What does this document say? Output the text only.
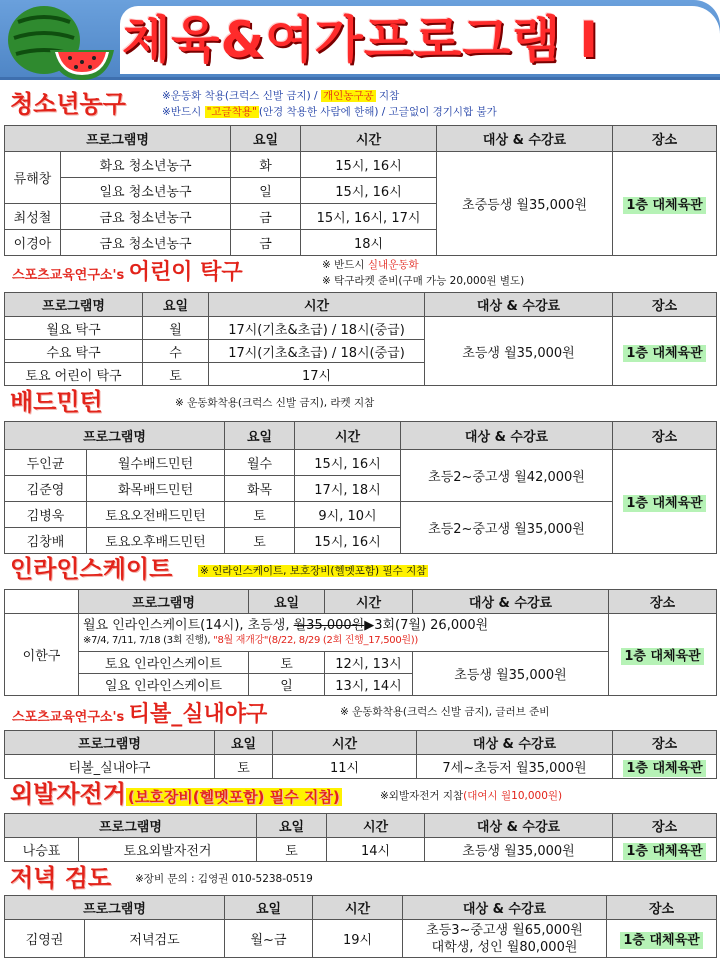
체육&여가프로그램 I
청소년농구	※운동화 착용(크럭스 신발 금지) / 개인농구공 지참
※반드시 "고글착용" (안경 착용한 사람에 한해) / 고글없이 경기시합 불가
프로그램명		요일	시간	대상 & 수강료	장소
류해창	화요 청소년농구	화	15시, 16시	초중등생 월35,000원	1층 대체육관
	일요 청소년농구	일	15시, 16시		
최성철	금요 청소년농구	금	15시, 16시, 17시		
이경아	금요 청소년농구	금	18시		
스포츠교육연구소's 어린이 탁구	※ 반드시 실내운동화
※ 탁구라켓 준비(구매 가능 20,000원 별도)
프로그램명	요일	시간	대상 & 수강료	장소
월요 탁구	월	17시(기초&초급) / 18시(중급)	초등생 월35,000원	1층 대체육관
수요 탁구	수	17시(기초&초급) / 18시(중급)		
토요 어린이 탁구	토	17시		
배드민턴	※ 운동화착용(크럭스 신발 금지), 라켓 지참
프로그램명		요일	시간	대상 & 수강료	장소
두인균	월수배드민턴	월수	15시, 16시	초등2~중고생 월42,000원	1층 대체육관
김준영	화목배드민턴	화목	17시, 18시		
김병욱	토요오전배드민턴	토	9시, 10시	초등2~중고생 월35,000원	
김창배	토요오후배드민턴	토	15시, 16시		
인라인스케이트	※ 인라인스케이트, 보호장비(헬멧포함) 필수 지참
	프로그램명	요일	시간	대상 & 수강료	장소
이한구	월요 인라인스케이트(14시), 초등생, 월35,000원▶3회(7월) 26,000원
※7/4, 7/11, 7/18 (3회 진행), "8월 재개강"(8/22, 8/29 (2회 진행_17,500원))				1층 대체육관
	토요 인라인스케이트	토	12시, 13시	초등생 월35,000원	
	일요 인라인스케이트	일	13시, 14시		
스포츠교육연구소's 티볼_실내야구	※ 운동화착용(크럭스 신발 금지), 글러브 준비
프로그램명	요일	시간	대상 & 수강료	장소
티볼_실내야구	토	11시	7세~초등저 월35,000원	1층 대체육관
외발자전거 (보호장비(헬멧포함) 필수 지참)	※외발자전거 지참(대여시 월10,000원)
프로그램명		요일	시간	대상 & 수강료	장소
나승표	토요외발자전거	토	14시	초등생 월35,000원	1층 대체육관
저녁 검도 ※장비 문의 : 김영권 010-5238-0519
프로그램명		요일	시간	대상 & 수강료	장소
김영권	저녁검도	월~금	19시	초등3~중고생 월65,000원
대학생, 성인 월80,000원	1층 대체육관
